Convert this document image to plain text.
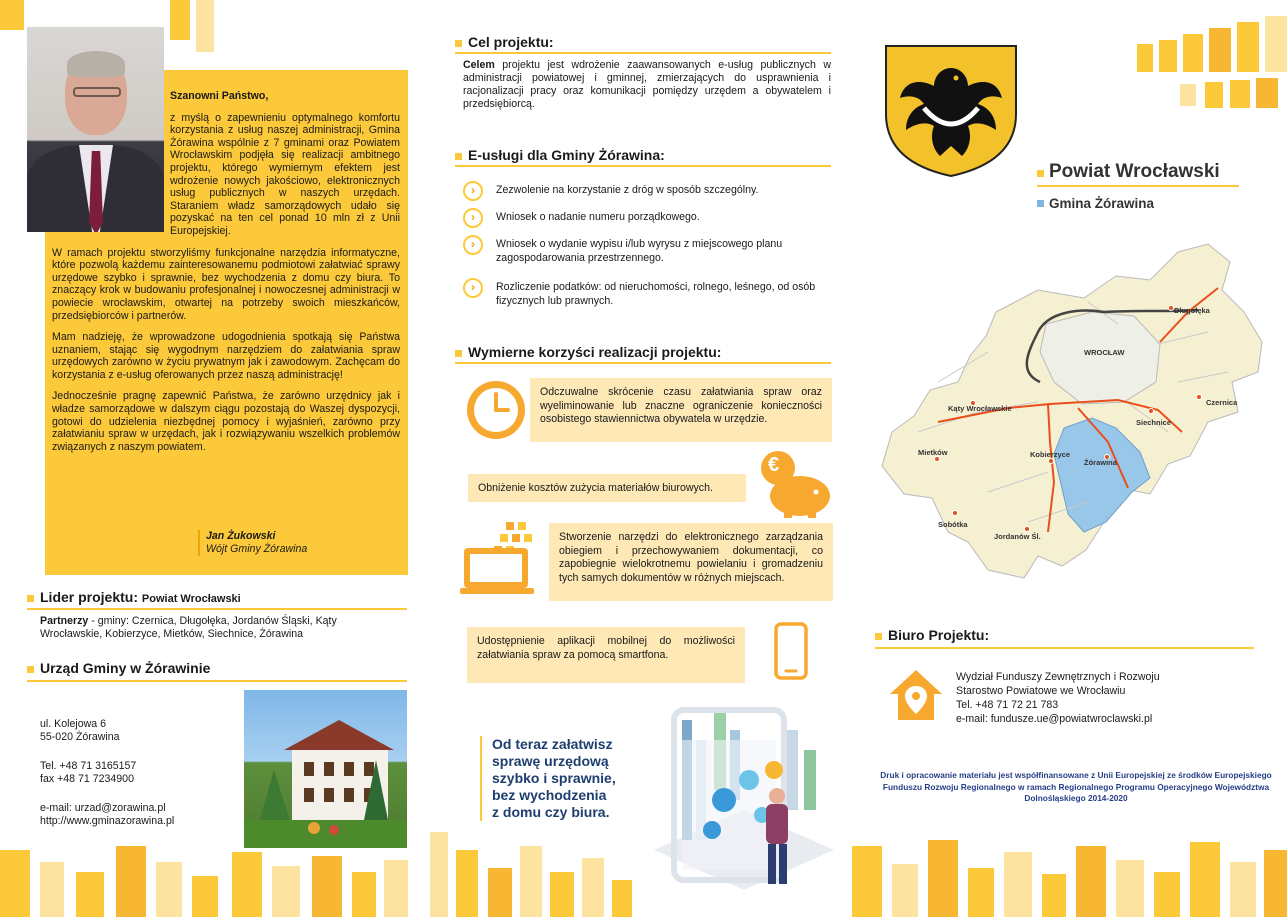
Szanowni Państwo,

z myślą o zapewnieniu optymalnego komfortu korzystania z usług naszej administracji, Gmina Żórawina wspólnie z 7 gminami oraz Powiatem Wrocławskim podjęła się realizacji ambitnego projektu, którego wymiernym efektem jest wdrożenie nowych jakościowo, elektronicznych usług publicznych w naszych urzędach. Staraniem władz samorządowych udało się pozyskać na ten cel ponad 10 mln zł z Unii Europejskiej.

W ramach projektu stworzyliśmy funkcjonalne narzędzia informatyczne, które pozwolą każdemu zainteresowanemu podmiotowi załatwiać sprawy urzędowe szybko i sprawnie, bez wychodzenia z domu czy biura. To znaczący krok w budowaniu profesjonalnej i nowoczesnej administracji w powiecie wrocławskim, otwartej na potrzeby swoich mieszkańców, przedsiębiorców i partnerów.

Mam nadzieję, że wprowadzone udogodnienia spotkają się Państwa uznaniem, stając się wygodnym narzędziem do załatwiania spraw urzędowych zarówno w życiu prywatnym jak i zawodowym. Zachęcam do korzystania z e-usług oferowanych przez naszą administrację!

Jednocześnie pragnę zapewnić Państwa, że zarówno urzędnicy jak i władze samorządowe w dalszym ciągu pozostają do Waszej dyspozycji, gotowi do udzielenia niezbędnej pomocy i wyjaśnień, zarówno przy załatwianiu spraw w urzędach, jak i rozwiązywaniu wszelkich problemów związanych z naszym powiatem.

Jan Żukowski
Wójt Gminy Żórawina
Lider projektu: Powiat Wrocławski
Partnerzy - gminy: Czernica, Długołęka, Jordanów Śląski, Kąty Wrocławskie, Kobierzyce, Mietków, Siechnice, Żórawina
Urząd Gminy w Żórawinie
ul. Kolejowa 6
55-020 Żórawina
Tel. +48 71 3165157
fax +48 71 7234900
e-mail: urzad@zorawina.pl
http://www.gminazorawina.pl
Cel projektu:
Celem projektu jest wdrożenie zaawansowanych e-usług publicznych w administracji powiatowej i gminnej, zmierzających do usprawnienia i racjonalizacji pracy oraz komunikacji pomiędzy urzędem a obywatelem i przedsiębiorcą.
E-usługi dla Gminy Żórawina:
›	Zezwolenie na korzystanie z dróg w sposób szczególny.
›	Wniosek o nadanie numeru porządkowego.
›	Wniosek o wydanie wypisu i/lub wyrysu z miejscowego planu zagospodarowania przestrzennego.
›	Rozliczenie podatków: od nieruchomości, rolnego, leśnego, od osób fizycznych lub prawnych.
Wymierne korzyści realizacji projektu:
Odczuwalne skrócenie czasu załatwiania spraw oraz wyeliminowanie lub znaczne ograniczenie konieczności osobistego stawiennictwa obywatela w urzędzie.
Obniżenie kosztów zużycia materiałów biurowych.
€
Stworzenie narzędzi do elektronicznego zarządzania obiegiem i przechowywaniem dokumentacji, co zapobiegnie wielokrotnemu powielaniu i gromadzeniu tych samych dokumentów w różnych miejscach.
Udostępnienie aplikacji mobilnej do możliwości załatwiania spraw za pomocą smartfona.
Od teraz załatwisz
sprawę urzędową
szybko i sprawnie,
bez wychodzenia
z domu czy biura.
Powiat Wrocławski
Gmina Żórawina
WROCŁAW
Długołęka
Kąty Wrocławskie
Czernica
Siechnice
Mietków	Kobierzyce
Żórawina
Sobótka
Jordanów Śl.
Biuro Projektu:
Wydział Funduszy Zewnętrznych i Rozwoju
Starostwo Powiatowe we Wrocławiu
Tel. +48 71 72 21 783
e-mail: fundusze.ue@powiatwroclawski.pl
Druk i opracowanie materiału jest współfinansowane z Unii Europejskiej ze środków Europejskiego Funduszu Rozwoju Regionalnego w ramach Regionalnego Programu Operacyjnego Województwa Dolnośląskiego 2014-2020
